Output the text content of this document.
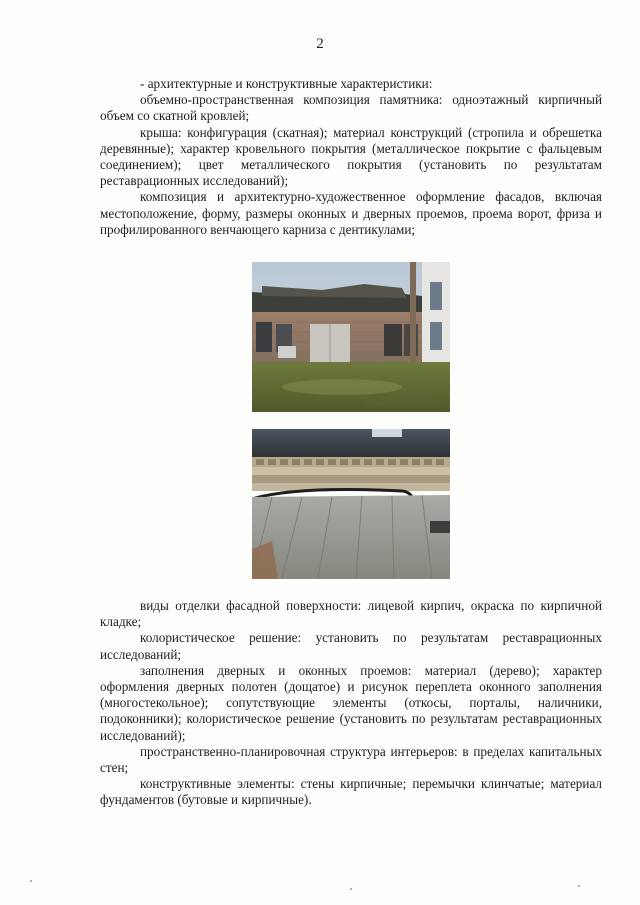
2

- архитектурные и конструктивные характеристики:

объемно-пространственная композиция памятника: одноэтажный кирпичный объем со скатной кровлей;

крыша: конфигурация (скатная); материал конструкций (стропила и обрешетка деревянные); характер кровельного покрытия (металлическое покрытие с фальцевым соединением); цвет металлического покрытия (установить по результатам реставрационных исследований);

композиция и архитектурно-художественное оформление фасадов, включая местоположение, форму, размеры оконных и дверных проемов, проема ворот, фриза и профилированного венчающего карниза с дентикулами;

виды отделки фасадной поверхности: лицевой кирпич, окраска по кирпичной кладке;

колористическое решение: установить по результатам реставрационных исследований;

заполнения дверных и оконных проемов: материал (дерево); характер оформления дверных полотен (дощатое) и рисунок переплета оконного заполнения (многостекольное); сопутствующие элементы (откосы, порталы, наличники, подоконники); колористическое решение (установить по результатам реставрационных исследований);

пространственно-планировочная структура интерьеров: в пределах капитальных стен;

конструктивные элементы: стены кирпичные; перемычки клинчатые; материал фундаментов (бутовые и кирпичные).
